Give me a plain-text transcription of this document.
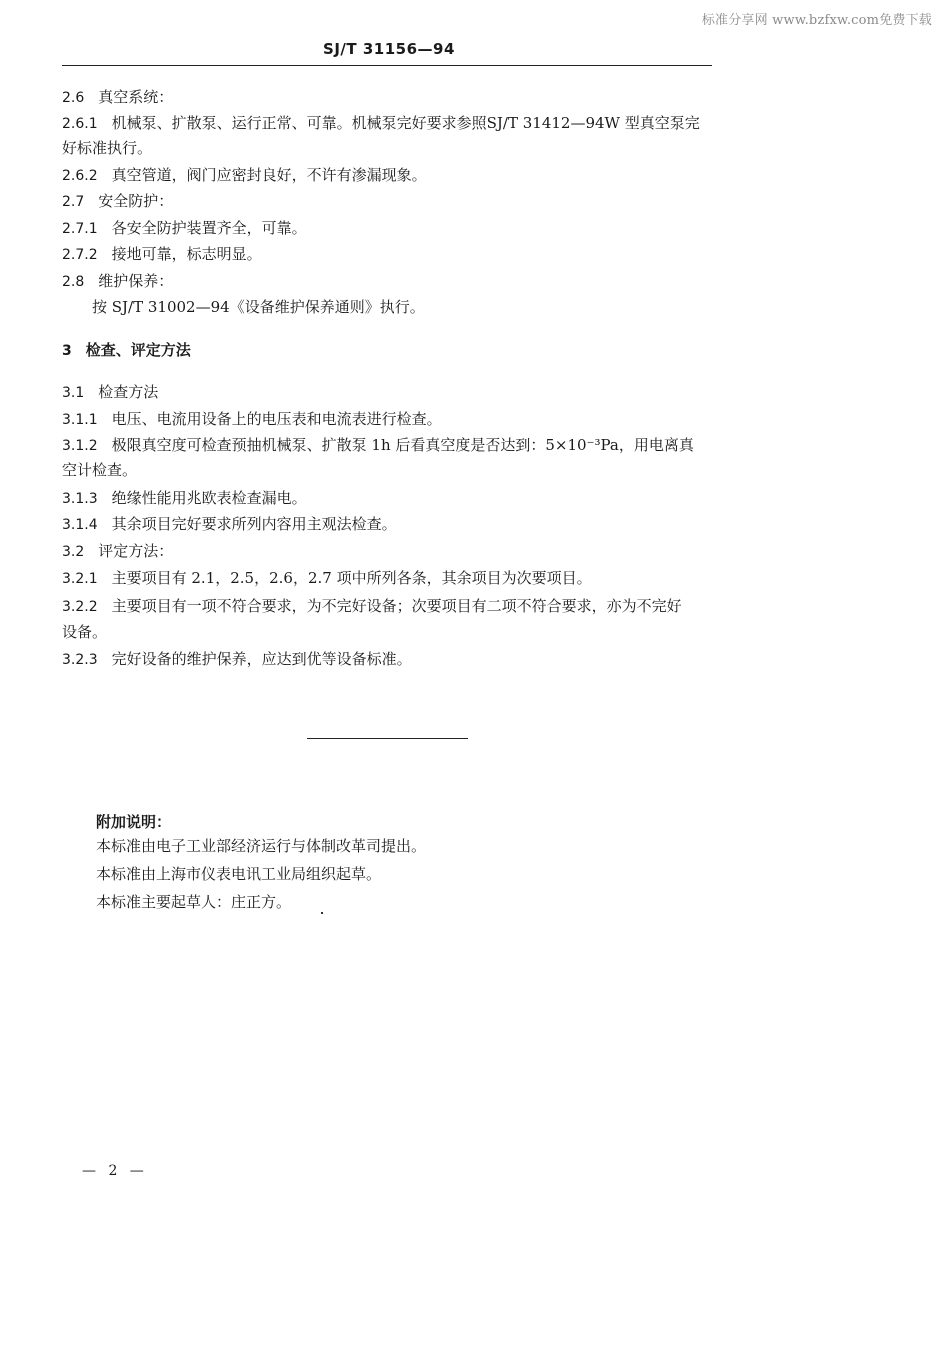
标准分享网 www.bzfxw.com免费下载
SJ/T 31156—94
2.6 真空系统：
2.6.1 机械泵、扩散泵、运行正常、可靠。机械泵完好要求参照SJ/T 31412—94W 型真空泵完
好标准执行。
2.6.2 真空管道，阀门应密封良好，不许有渗漏现象。
2.7 安全防护：
2.7.1 各安全防护装置齐全，可靠。
2.7.2 接地可靠，标志明显。
2.8 维护保养：
按 SJ/T 31002—94《设备维护保养通则》执行。
3 检查、评定方法
3.1 检查方法
3.1.1 电压、电流用设备上的电压表和电流表进行检查。
3.1.2 极限真空度可检查预抽机械泵、扩散泵 1h 后看真空度是否达到：5×10⁻³Pa，用电离真
空计检查。
3.1.3 绝缘性能用兆欧表检查漏电。
3.1.4 其余项目完好要求所列内容用主观法检查。
3.2 评定方法：
3.2.1 主要项目有 2.1，2.5，2.6，2.7 项中所列各条，其余项目为次要项目。
3.2.2 主要项目有一项不符合要求，为不完好设备；次要项目有二项不符合要求，亦为不完好
设备。
3.2.3 完好设备的维护保养，应达到优等设备标准。
附加说明：
本标准由电子工业部经济运行与体制改革司提出。
本标准由上海市仪表电讯工业局组织起草。
本标准主要起草人：庄正方。
— 2 —
